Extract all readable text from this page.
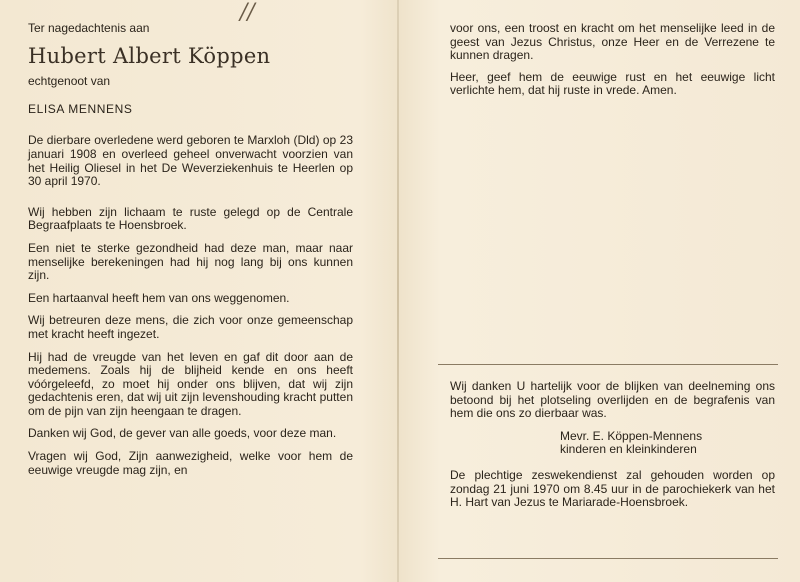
//
Ter nagedachtenis aan
Hubert Albert Köppen
echtgenoot van
ELISA MENNENS

De dierbare overledene werd geboren te Marxloh (Dld) op 23 januari 1908 en overleed geheel onverwacht voorzien van het Heilig Oliesel in het De Weverziekenhuis te Heerlen op 30 april 1970.

Wij hebben zijn lichaam te ruste gelegd op de Centrale Begraafplaats te Hoensbroek.

Een niet te sterke gezondheid had deze man, maar naar menselijke berekeningen had hij nog lang bij ons kunnen zijn.

Een hartaanval heeft hem van ons weggenomen.

Wij betreuren deze mens, die zich voor onze gemeenschap met kracht heeft ingezet.

Hij had de vreugde van het leven en gaf dit door aan de medemens. Zoals hij de blijheid kende en ons heeft vóórgeleefd, zo moet hij onder ons blijven, dat wij zijn gedachtenis eren, dat wij uit zijn levenshouding kracht putten om de pijn van zijn heengaan te dragen.

Danken wij God, de gever van alle goeds, voor deze man.

Vragen wij God, Zijn aanwezigheid, welke voor hem de eeuwige vreugde mag zijn, en

voor ons, een troost en kracht om het menselijke leed in de geest van Jezus Christus, onze Heer en de Verrezene te kunnen dragen.

Heer, geef hem de eeuwige rust en het eeuwige licht verlichte hem, dat hij ruste in vrede. Amen.

Wij danken U hartelijk voor de blijken van deelneming ons betoond bij het plotseling overlijden en de begrafenis van hem die ons zo dierbaar was.

Mevr. E. Köppen-Mennens
kinderen en kleinkinderen

De plechtige zeswekendienst zal gehouden worden op zondag 21 juni 1970 om 8.45 uur in de parochiekerk van het H. Hart van Jezus te Mariarade-Hoensbroek.
